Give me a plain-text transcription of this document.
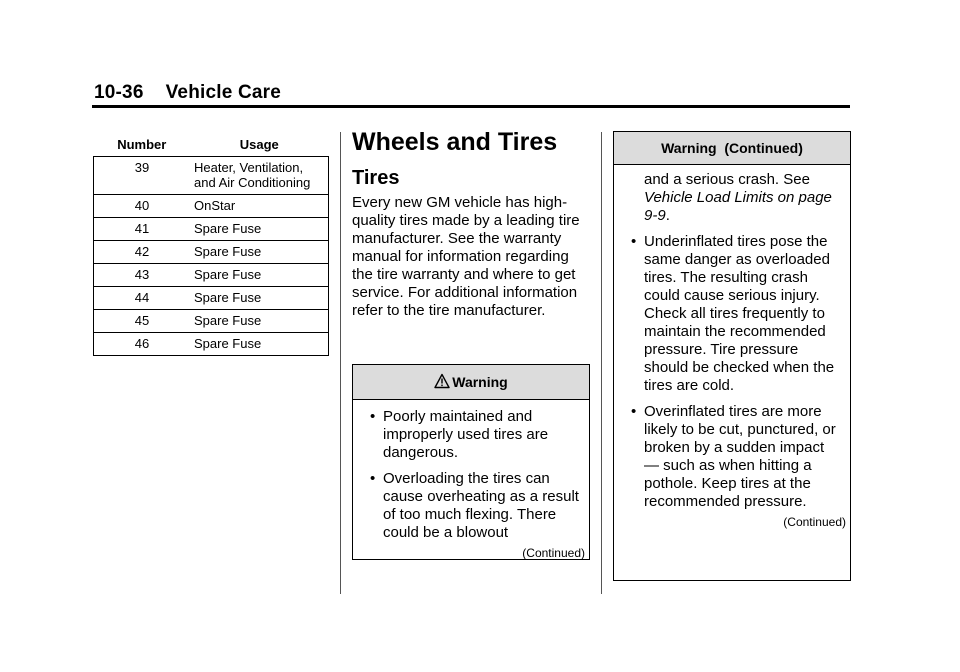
10-36 Vehicle Care
Number	Usage
39	Heater, Ventilation, and Air Conditioning
40	OnStar
41	Spare Fuse
42	Spare Fuse
43	Spare Fuse
44	Spare Fuse
45	Spare Fuse
46	Spare Fuse
Wheels and Tires
Tires
Every new GM vehicle has high-quality tires made by a leading tire manufacturer. See the warranty manual for information regarding the tire warranty and where to get service. For additional information refer to the tire manufacturer.
Warning
• Poorly maintained and improperly used tires are dangerous.
• Overloading the tires can cause overheating as a result of too much flexing. There could be a blowout
(Continued)
Warning  (Continued)
and a serious crash. See Vehicle Load Limits on page 9-9.
• Underinflated tires pose the same danger as overloaded tires. The resulting crash could cause serious injury. Check all tires frequently to maintain the recommended pressure. Tire pressure should be checked when the tires are cold.
• Overinflated tires are more likely to be cut, punctured, or broken by a sudden impact — such as when hitting a pothole. Keep tires at the recommended pressure.
(Continued)
